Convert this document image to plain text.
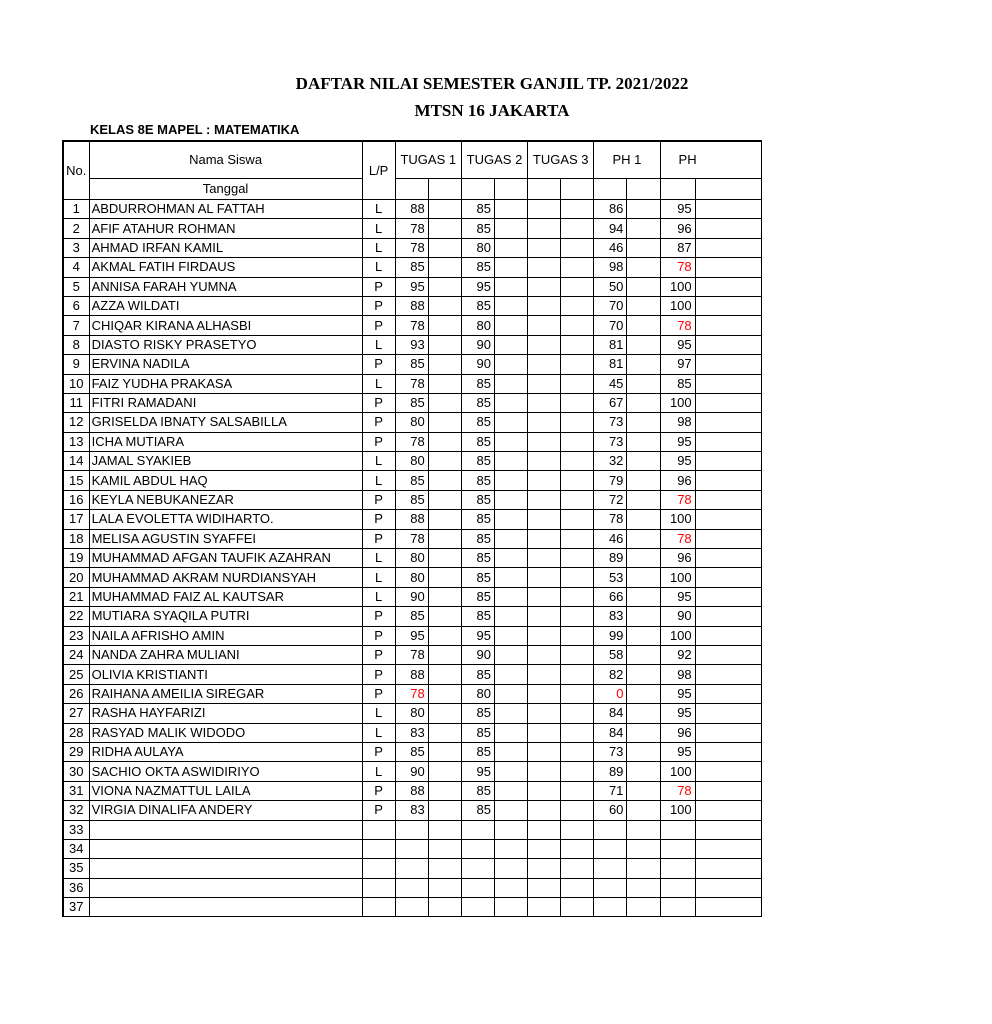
DAFTAR NILAI SEMESTER GANJIL TP. 2021/2022
MTSN 16 JAKARTA
KELAS 8E MAPEL : MATEMATIKA
No.	Nama Siswa	L/P	TUGAS 1		TUGAS 2		TUGAS 3		PH 1		PH	
	Tanggal											
1	ABDURROHMAN AL FATTAH	L	88		85				86		95	
2	AFIF ATAHUR ROHMAN	L	78		85				94		96	
3	AHMAD IRFAN KAMIL	L	78		80				46		87	
4	AKMAL FATIH FIRDAUS	L	85		85				98		78	
5	ANNISA FARAH YUMNA	P	95		95				50		100	
6	AZZA WILDATI	P	88		85				70		100	
7	CHIQAR KIRANA ALHASBI	P	78		80				70		78	
8	DIASTO RISKY PRASETYO	L	93		90				81		95	
9	ERVINA NADILA	P	85		90				81		97	
10	FAIZ YUDHA PRAKASA	L	78		85				45		85	
11	FITRI RAMADANI	P	85		85				67		100	
12	GRISELDA IBNATY SALSABILLA	P	80		85				73		98	
13	ICHA MUTIARA	P	78		85				73		95	
14	JAMAL SYAKIEB	L	80		85				32		95	
15	KAMIL ABDUL HAQ	L	85		85				79		96	
16	KEYLA NEBUKANEZAR	P	85		85				72		78	
17	LALA EVOLETTA WIDIHARTO.	P	88		85				78		100	
18	MELISA AGUSTIN SYAFFEI	P	78		85				46		78	
19	MUHAMMAD AFGAN TAUFIK AZAHRAN	L	80		85				89		96	
20	MUHAMMAD AKRAM NURDIANSYAH	L	80		85				53		100	
21	MUHAMMAD FAIZ AL KAUTSAR	L	90		85				66		95	
22	MUTIARA SYAQILA PUTRI	P	85		85				83		90	
23	NAILA AFRISHO AMIN	P	95		95				99		100	
24	NANDA ZAHRA MULIANI	P	78		90				58		92	
25	OLIVIA KRISTIANTI	P	88		85				82		98	
26	RAIHANA AMEILIA SIREGAR	P	78		80				0		95	
27	RASHA HAYFARIZI	L	80		85				84		95	
28	RASYAD MALIK WIDODO	L	83		85				84		96	
29	RIDHA AULAYA	P	85		85				73		95	
30	SACHIO OKTA ASWIDIRIYO	L	90		95				89		100	
31	VIONA NAZMATTUL LAILA	P	88		85				71		78	
32	VIRGIA DINALIFA ANDERY	P	83		85				60		100	
33												
34												
35												
36												
37												
